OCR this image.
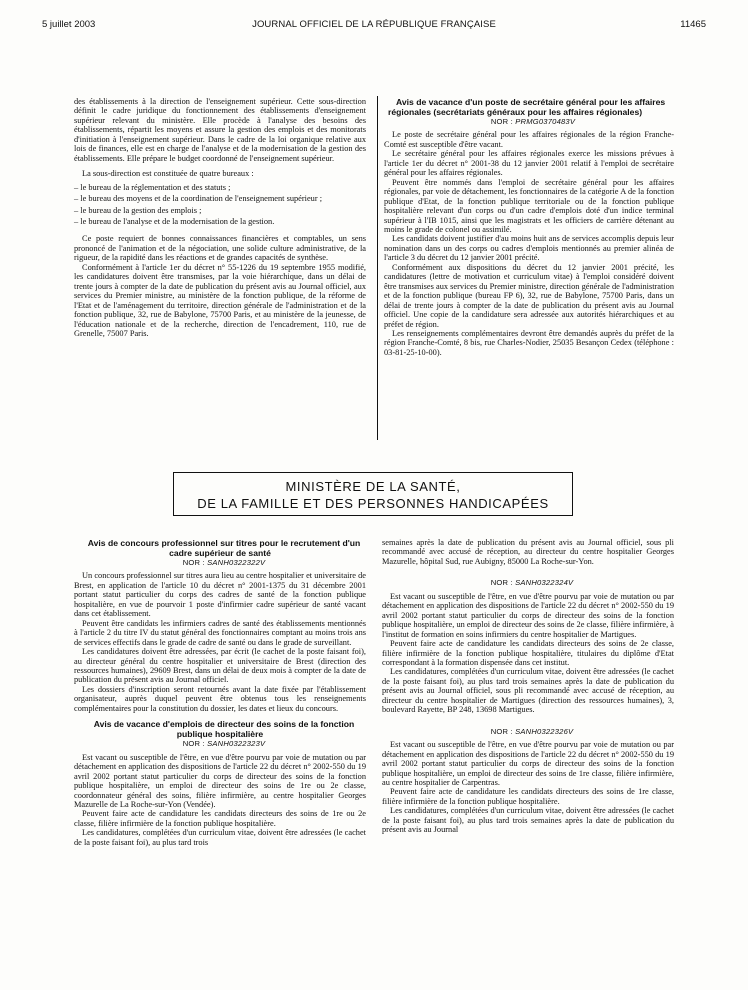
5 juillet 2003	JOURNAL OFFICIEL DE LA RÉPUBLIQUE FRANÇAISE	11465

des établissements à la direction de l'enseignement supérieur. Cette sous-direction définit le cadre juridique du fonctionnement des établissements d'enseignement supérieur relevant du ministère. Elle procède à l'analyse des besoins des établissements, répartit les moyens et assure la gestion des emplois et des monitorats d'initiation à l'enseignement supérieur. Dans le cadre de la loi organique relative aux lois de finances, elle est en charge de l'analyse et de la modernisation de la gestion des établissements. Elle prépare le budget coordonné de l'enseignement supérieur.

La sous-direction est constituée de quatre bureaux :

– le bureau de la réglementation et des statuts ;
– le bureau des moyens et de la coordination de l'enseignement supérieur ;
– le bureau de la gestion des emplois ;
– le bureau de l'analyse et de la modernisation de la gestion.

Ce poste requiert de bonnes connaissances financières et comptables, un sens prononcé de l'animation et de la négociation, une solide culture administrative, de la rigueur, de la rapidité dans les réactions et de grandes capacités de synthèse.

Conformément à l'article 1er du décret n° 55-1226 du 19 septembre 1955 modifié, les candidatures doivent être transmises, par la voie hiérarchique, dans un délai de trente jours à compter de la date de publication du présent avis au Journal officiel, aux services du Premier ministre, au ministère de la fonction publique, de la réforme de l'Etat et de l'aménagement du territoire, direction générale de l'administration et de la fonction publique, 32, rue de Babylone, 75700 Paris, et au ministère de la jeunesse, de l'éducation nationale et de la recherche, direction de l'encadrement, 110, rue de Grenelle, 75007 Paris.

Avis de vacance d'un poste de secrétaire général pour les affaires régionales (secrétariats généraux pour les affaires régionales)

NOR : PRMG0370483V

Le poste de secrétaire général pour les affaires régionales de la région Franche-Comté est susceptible d'être vacant.

Le secrétaire général pour les affaires régionales exerce les missions prévues à l'article 1er du décret n° 2001-38 du 12 janvier 2001 relatif à l'emploi de secrétaire général pour les affaires régionales.

Peuvent être nommés dans l'emploi de secrétaire général pour les affaires régionales, par voie de détachement, les fonctionnaires de la catégorie A de la fonction publique d'Etat, de la fonction publique territoriale ou de la fonction publique hospitalière relevant d'un corps ou d'un cadre d'emplois doté d'un indice terminal supérieur à l'IB 1015, ainsi que les magistrats et les officiers de carrière détenant au moins le grade de colonel ou assimilé.

Les candidats doivent justifier d'au moins huit ans de services accomplis depuis leur nomination dans un des corps ou cadres d'emplois mentionnés au premier alinéa de l'article 3 du décret du 12 janvier 2001 précité.

Conformément aux dispositions du décret du 12 janvier 2001 précité, les candidatures (lettre de motivation et curriculum vitae) à l'emploi considéré doivent être transmises aux services du Premier ministre, direction générale de l'administration et de la fonction publique (bureau FP 6), 32, rue de Babylone, 75700 Paris, dans un délai de trente jours à compter de la date de publication du présent avis au Journal officiel. Une copie de la candidature sera adressée aux autorités hiérarchiques et au préfet de région.

Les renseignements complémentaires devront être demandés auprès du préfet de la région Franche-Comté, 8 bis, rue Charles-Nodier, 25035 Besançon Cedex (téléphone : 03-81-25-10-00).

MINISTÈRE DE LA SANTÉ,
DE LA FAMILLE ET DES PERSONNES HANDICAPÉES

Avis de concours professionnel sur titres pour le recrutement d'un cadre supérieur de santé

NOR : SANH0322322V

Un concours professionnel sur titres aura lieu au centre hospitalier et universitaire de Brest, en application de l'article 10 du décret n° 2001-1375 du 31 décembre 2001 portant statut particulier du corps des cadres de santé de la fonction publique hospitalière, en vue de pourvoir 1 poste d'infirmier cadre supérieur de santé vacant dans cet établissement.

Peuvent être candidats les infirmiers cadres de santé des établissements mentionnés à l'article 2 du titre IV du statut général des fonctionnaires comptant au moins trois ans de services effectifs dans le grade de cadre de santé ou dans le grade de surveillant.

Les candidatures doivent être adressées, par écrit (le cachet de la poste faisant foi), au directeur général du centre hospitalier et universitaire de Brest (direction des ressources humaines), 29609 Brest, dans un délai de deux mois à compter de la date de publication du présent avis au Journal officiel.

Les dossiers d'inscription seront retournés avant la date fixée par l'établissement organisateur, auprès duquel peuvent être obtenus tous les renseignements complémentaires pour la constitution du dossier, les dates et lieux du concours.

Avis de vacance d'emplois de directeur des soins de la fonction publique hospitalière

NOR : SANH0322323V

Est vacant ou susceptible de l'être, en vue d'être pourvu par voie de mutation ou par détachement en application des dispositions de l'article 22 du décret n° 2002-550 du 19 avril 2002 portant statut particulier du corps de directeur des soins de la fonction publique hospitalière, un emploi de directeur des soins de 1re ou 2e classe, coordonnateur général des soins, filière infirmière, au centre hospitalier Georges Mazurelle de La Roche-sur-Yon (Vendée).

Peuvent faire acte de candidature les candidats directeurs des soins de 1re ou 2e classe, filière infirmière de la fonction publique hospitalière.

Les candidatures, complétées d'un curriculum vitae, doivent être adressées (le cachet de la poste faisant foi), au plus tard trois

semaines après la date de publication du présent avis au Journal officiel, sous pli recommandé avec accusé de réception, au directeur du centre hospitalier Georges Mazurelle, hôpital Sud, rue Aubigny, 85000 La Roche-sur-Yon.

NOR : SANH0322324V

Est vacant ou susceptible de l'être, en vue d'être pourvu par voie de mutation ou par détachement en application des dispositions de l'article 22 du décret n° 2002-550 du 19 avril 2002 portant statut particulier du corps de directeur des soins de la fonction publique hospitalière, un emploi de directeur des soins de 2e classe, filière infirmière, à l'institut de formation en soins infirmiers du centre hospitalier de Martigues.

Peuvent faire acte de candidature les candidats directeurs des soins de 2e classe, filière infirmière de la fonction publique hospitalière, titulaires du diplôme d'Etat correspondant à la formation dispensée dans cet institut.

Les candidatures, complétées d'un curriculum vitae, doivent être adressées (le cachet de la poste faisant foi), au plus tard trois semaines après la date de publication du présent avis au Journal officiel, sous pli recommandé avec accusé de réception, au directeur du centre hospitalier de Martigues (direction des ressources humaines), 3, boulevard Rayette, BP 248, 13698 Martigues.

NOR : SANH0322326V

Est vacant ou susceptible de l'être, en vue d'être pourvu par voie de mutation ou par détachement en application des dispositions de l'article 22 du décret n° 2002-550 du 19 avril 2002 portant statut particulier du corps de directeur des soins de la fonction publique hospitalière, un emploi de directeur des soins de 1re classe, filière infirmière, au centre hospitalier de Carpentras.

Peuvent faire acte de candidature les candidats directeurs des soins de 1re classe, filière infirmière de la fonction publique hospitalière.

Les candidatures, complétées d'un curriculum vitae, doivent être adressées (le cachet de la poste faisant foi), au plus tard trois semaines après la date de publication du présent avis au Journal
